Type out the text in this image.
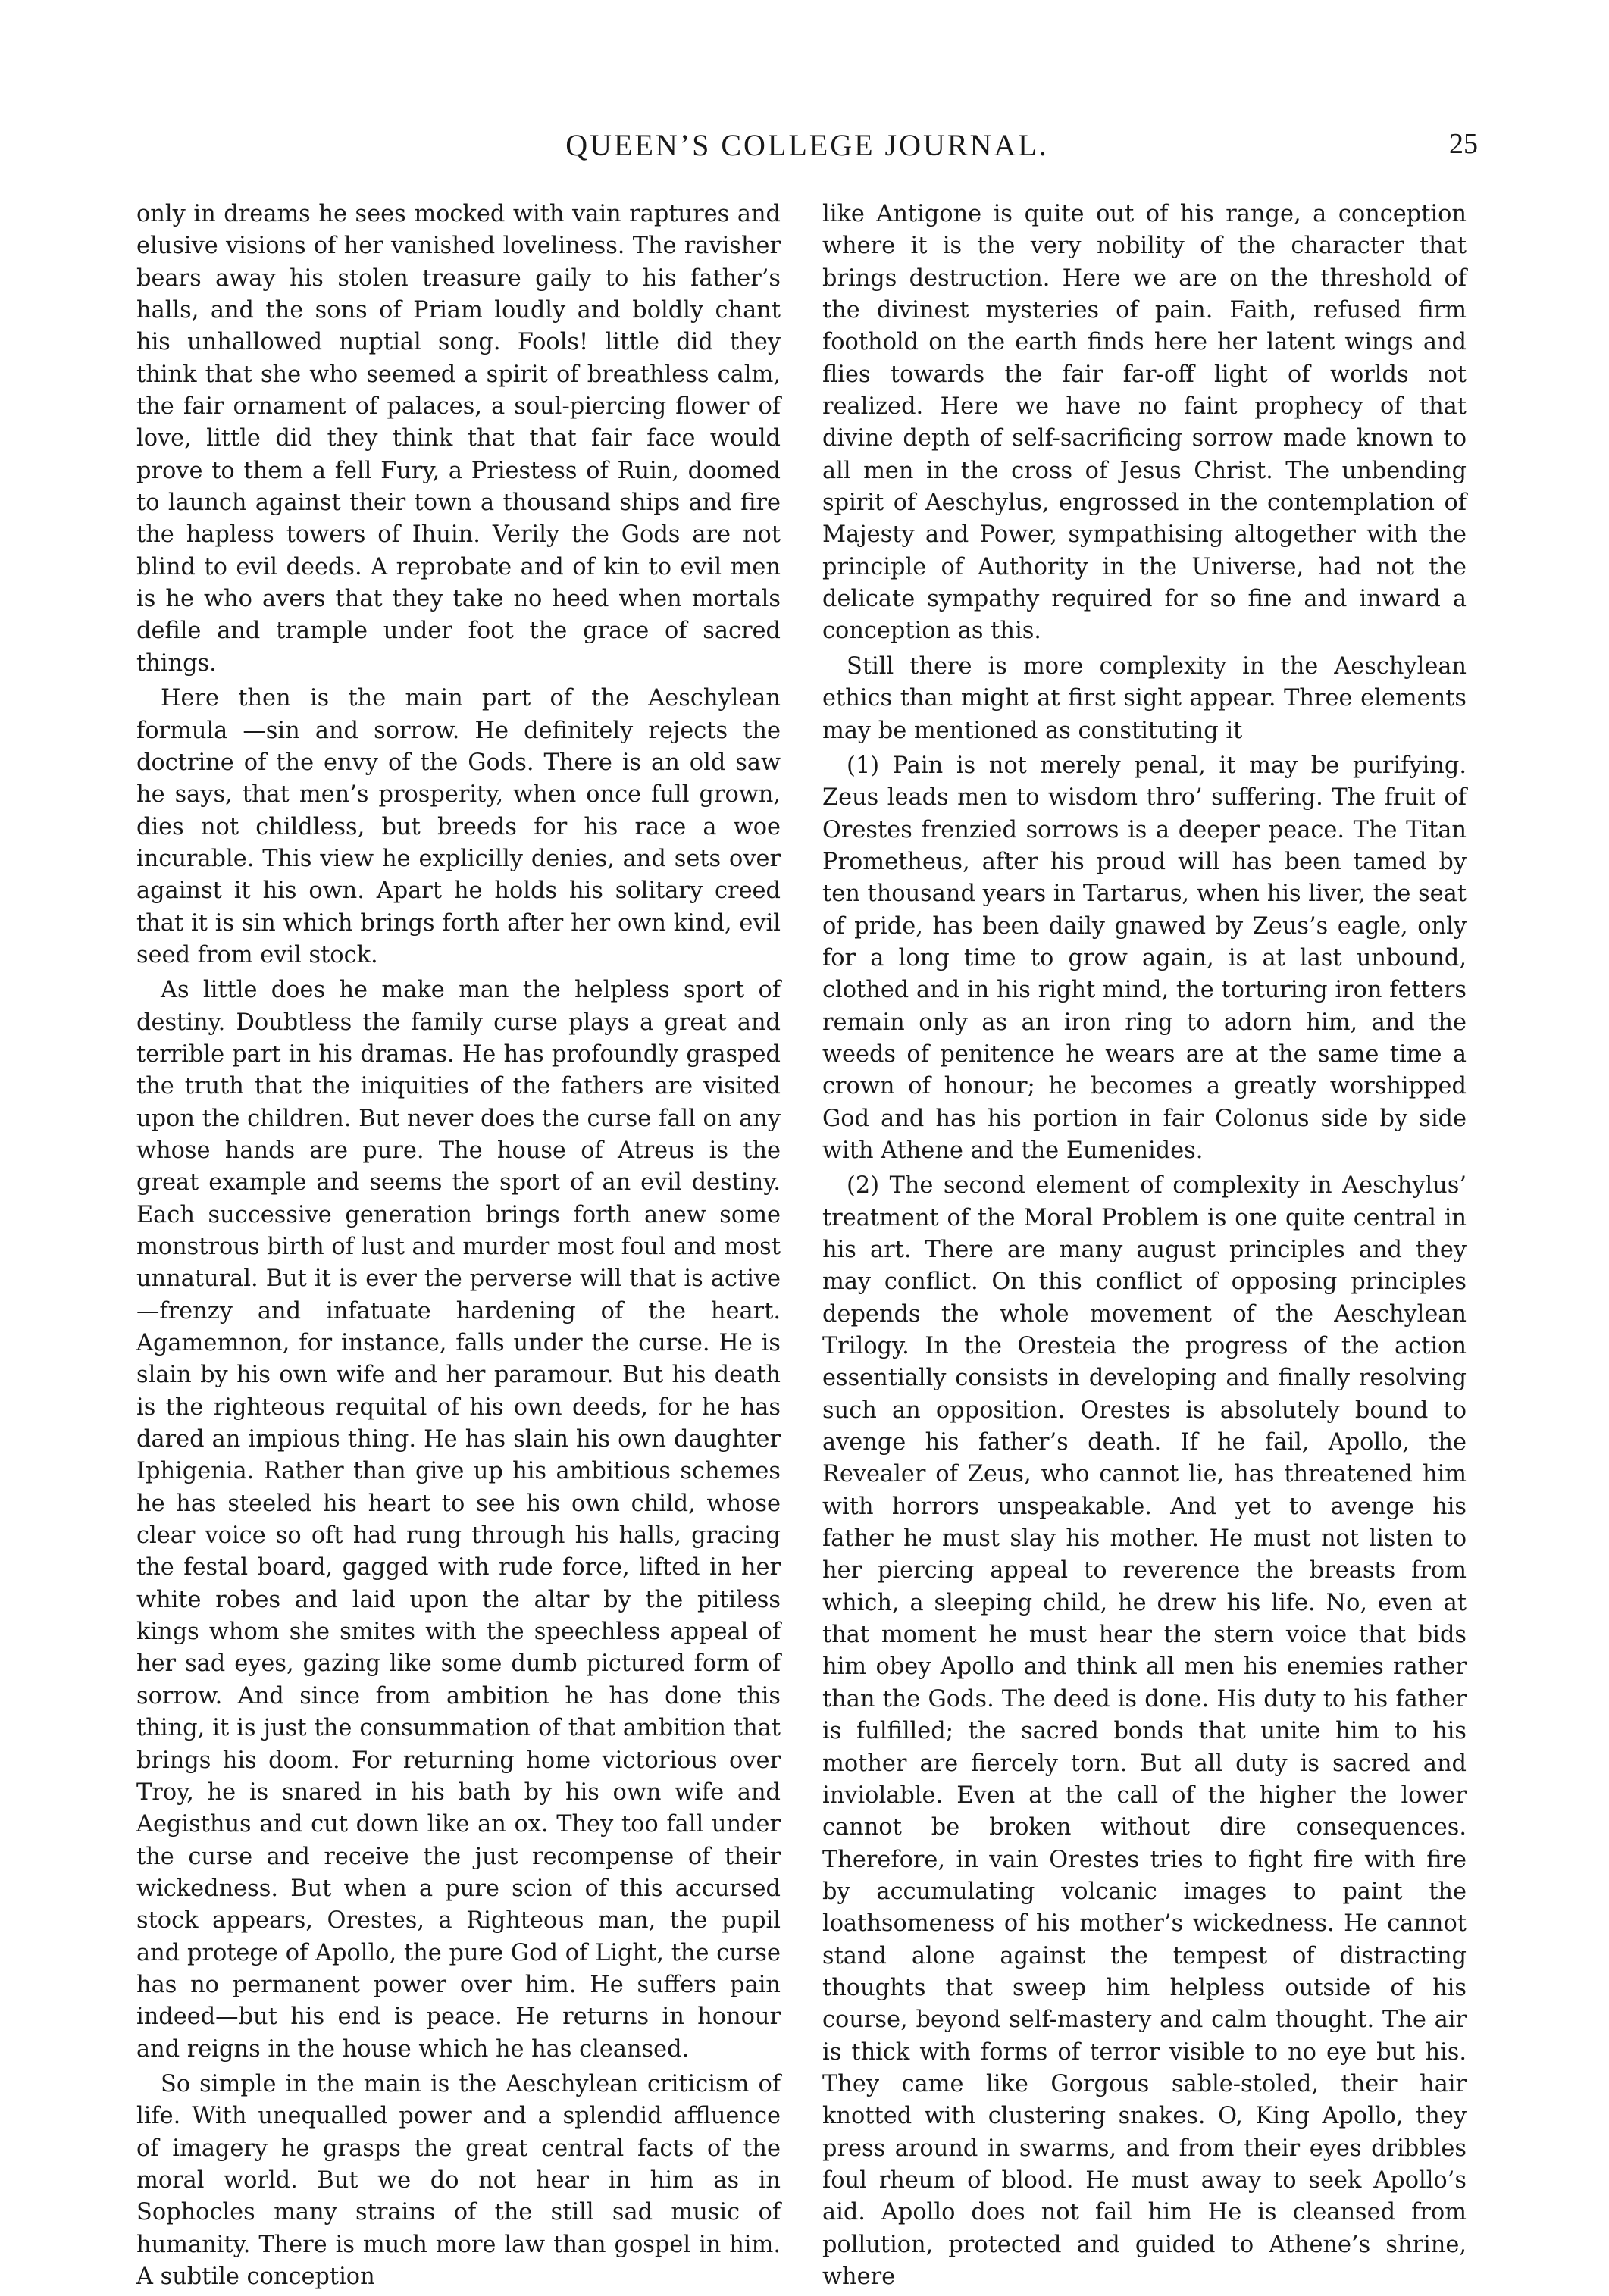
QUEEN’S COLLEGE JOURNAL.	25

only in dreams he sees mocked with vain raptures and elusive visions of her vanished loveliness. The ravisher bears away his stolen treasure gaily to his father’s halls, and the sons of Priam loudly and boldly chant his unhallowed nuptial song. Fools! little did they think that she who seemed a spirit of breathless calm, the fair ornament of palaces, a soul-piercing flower of love, little did they think that that fair face would prove to them a fell Fury, a Priestess of Ruin, doomed to launch against their town a thousand ships and fire the hapless towers of Ihuin. Verily the Gods are not blind to evil deeds. A reprobate and of kin to evil men is he who avers that they take no heed when mortals defile and trample under foot the grace of sacred things.

Here then is the main part of the Aeschylean formula —sin and sorrow. He definitely rejects the doctrine of the envy of the Gods. There is an old saw he says, that men’s prosperity, when once full grown, dies not childless, but breeds for his race a woe incurable. This view he explicilly denies, and sets over against it his own. Apart he holds his solitary creed that it is sin which brings forth after her own kind, evil seed from evil stock.

As little does he make man the helpless sport of destiny. Doubtless the family curse plays a great and terrible part in his dramas. He has profoundly grasped the truth that the iniquities of the fathers are visited upon the children. But never does the curse fall on any whose hands are pure. The house of Atreus is the great example and seems the sport of an evil destiny. Each successive generation brings forth anew some monstrous birth of lust and murder most foul and most unnatural. But it is ever the perverse will that is active—frenzy and infatuate hardening of the heart. Agamemnon, for instance, falls under the curse. He is slain by his own wife and her paramour. But his death is the righteous requital of his own deeds, for he has dared an impious thing. He has slain his own daughter Iphigenia. Rather than give up his ambitious schemes he has steeled his heart to see his own child, whose clear voice so oft had rung through his halls, gracing the festal board, gagged with rude force, lifted in her white robes and laid upon the altar by the pitiless kings whom she smites with the speechless appeal of her sad eyes, gazing like some dumb pictured form of sorrow. And since from ambition he has done this thing, it is just the consummation of that ambition that brings his doom. For returning home victorious over Troy, he is snared in his bath by his own wife and Aegisthus and cut down like an ox. They too fall under the curse and receive the just recompense of their wickedness. But when a pure scion of this accursed stock appears, Orestes, a Righteous man, the pupil and protege of Apollo, the pure God of Light, the curse has no permanent power over him. He suffers pain indeed—but his end is peace. He returns in honour and reigns in the house which he has cleansed.

So simple in the main is the Aeschylean criticism of life. With unequalled power and a splendid affluence of imagery he grasps the great central facts of the moral world. But we do not hear in him as in Sophocles many strains of the still sad music of humanity. There is much more law than gospel in him. A subtile conception

like Antigone is quite out of his range, a conception where it is the very nobility of the character that brings destruction. Here we are on the threshold of the divinest mysteries of pain. Faith, refused firm foothold on the earth finds here her latent wings and flies towards the fair far-off light of worlds not realized. Here we have no faint prophecy of that divine depth of self-sacrificing sorrow made known to all men in the cross of Jesus Christ. The unbending spirit of Aeschylus, engrossed in the contemplation of Majesty and Power, sympathising altogether with the principle of Authority in the Universe, had not the delicate sympathy required for so fine and inward a conception as this.

Still there is more complexity in the Aeschylean ethics than might at first sight appear. Three elements may be mentioned as constituting it

(1) Pain is not merely penal, it may be purifying. Zeus leads men to wisdom thro’ suffering. The fruit of Orestes frenzied sorrows is a deeper peace. The Titan Prometheus, after his proud will has been tamed by ten thousand years in Tartarus, when his liver, the seat of pride, has been daily gnawed by Zeus’s eagle, only for a long time to grow again, is at last unbound, clothed and in his right mind, the torturing iron fetters remain only as an iron ring to adorn him, and the weeds of penitence he wears are at the same time a crown of honour; he becomes a greatly worshipped God and has his portion in fair Colonus side by side with Athene and the Eumenides.

(2) The second element of complexity in Aeschylus’ treatment of the Moral Problem is one quite central in his art. There are many august principles and they may conflict. On this conflict of opposing principles depends the whole movement of the Aeschylean Trilogy. In the Oresteia the progress of the action essentially consists in developing and finally resolving such an opposition. Orestes is absolutely bound to avenge his father’s death. If he fail, Apollo, the Revealer of Zeus, who cannot lie, has threatened him with horrors unspeakable. And yet to avenge his father he must slay his mother. He must not listen to her piercing appeal to reverence the breasts from which, a sleeping child, he drew his life. No, even at that moment he must hear the stern voice that bids him obey Apollo and think all men his enemies rather than the Gods. The deed is done. His duty to his father is fulfilled; the sacred bonds that unite him to his mother are fiercely torn. But all duty is sacred and inviolable. Even at the call of the higher the lower cannot be broken without dire consequences. Therefore, in vain Orestes tries to fight fire with fire by accumulating volcanic images to paint the loathsomeness of his mother’s wickedness. He cannot stand alone against the tempest of distracting thoughts that sweep him helpless outside of his course, beyond self-mastery and calm thought. The air is thick with forms of terror visible to no eye but his. They came like Gorgous sable-stoled, their hair knotted with clustering snakes. O, King Apollo, they press around in swarms, and from their eyes dribbles foul rheum of blood. He must away to seek Apollo’s aid. Apollo does not fail him He is cleansed from pollution, protected and guided to Athene’s shrine, where
